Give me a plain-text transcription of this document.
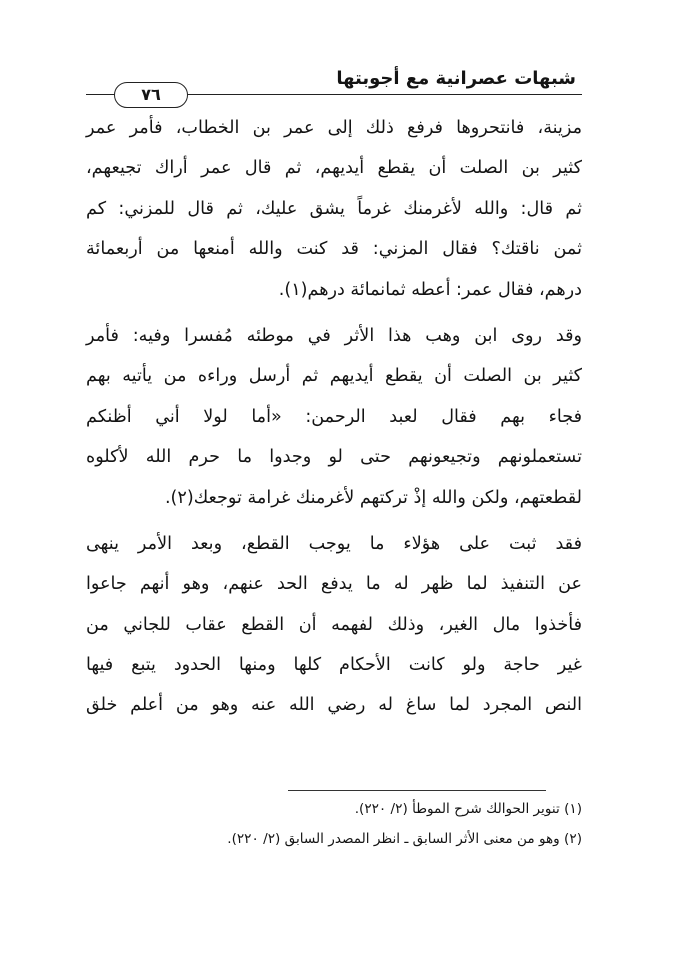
شبهات عصرانية مع أجوبتها
٧٦
مزينة، فانتحروها فرفع ذلك إلى عمر بن الخطاب، فأمر عمر
كثير بن الصلت أن يقطع أيديهم، ثم قال عمر أراك تجيعهم،
ثم قال: والله لأغرمنك غرماً يشق عليك، ثم قال للمزني: كم
ثمن ناقتك؟ فقال المزني: قد كنت والله أمنعها من أربعمائة
درهم، فقال عمر: أعطه ثمانمائة درهم(١).
وقد روى ابن وهب هذا الأثر في موطئه مُفسرا وفيه: فأمر
كثير بن الصلت أن يقطع أيديهم ثم أرسل وراءه من يأتيه بهم
فجاء بهم فقال لعبد الرحمن: «أما لولا أني أظنكم
تستعملونهم وتجيعونهم حتى لو وجدوا ما حرم الله لأكلوه
لقطعتهم، ولكن والله إذْ تركتهم لأغرمنك غرامة توجعك(٢).
فقد ثبت على هؤلاء ما يوجب القطع، وبعد الأمر ينهى
عن التنفيذ لما ظهر له ما يدفع الحد عنهم، وهو أنهم جاعوا
فأخذوا مال الغير، وذلك لفهمه أن القطع عقاب للجاني من
غير حاجة ولو كانت الأحكام كلها ومنها الحدود يتبع فيها
النص المجرد لما ساغ له رضي الله عنه وهو من أعلم خلق
(١) تنوير الحوالك شرح الموطأ (٢/ ٢٢٠).
(٢) وهو من معنى الأثر السابق ـ انظر المصدر السابق (٢/ ٢٢٠).
